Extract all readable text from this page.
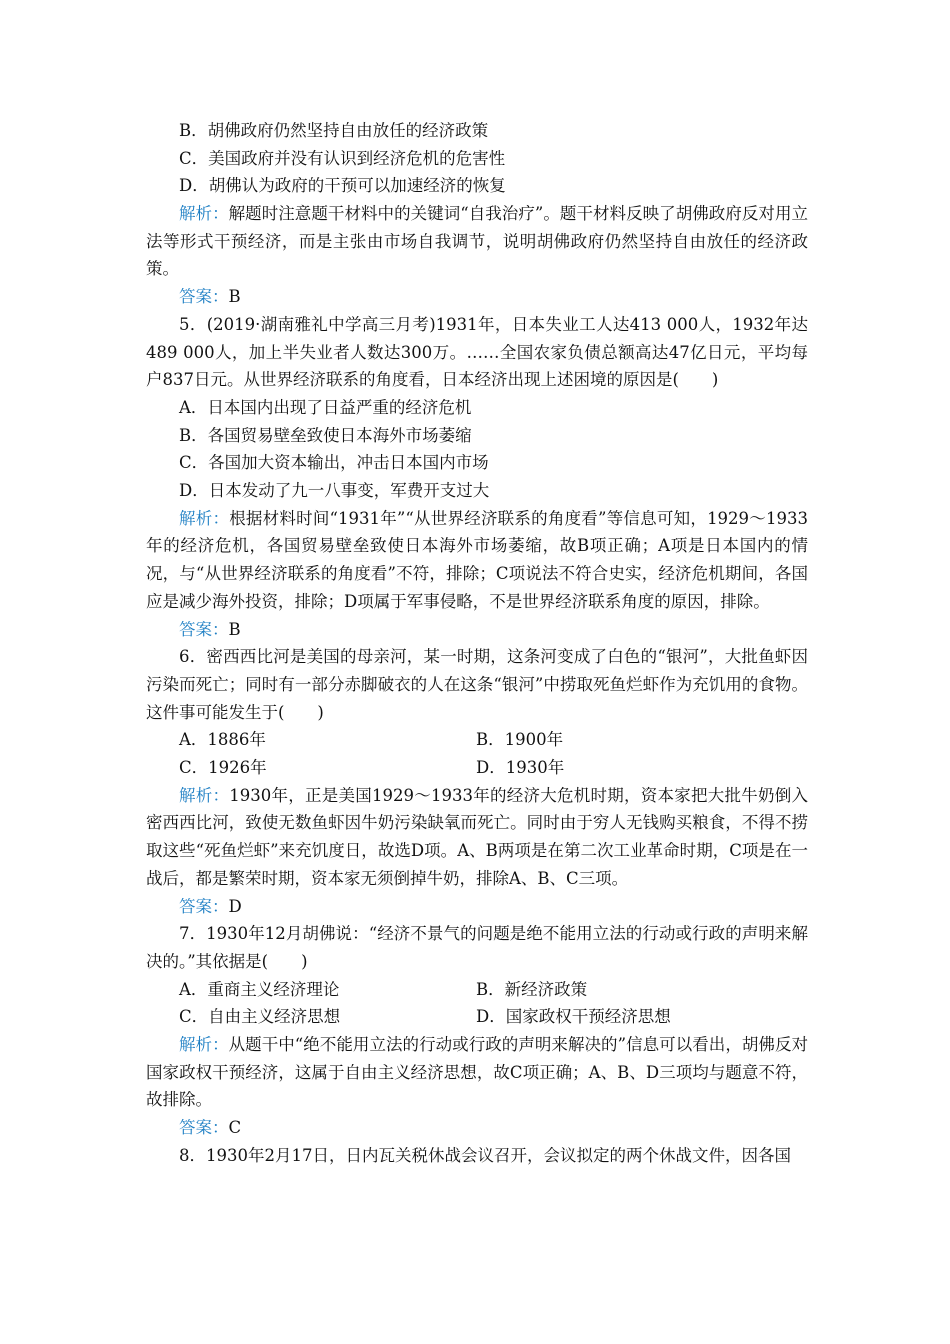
B．胡佛政府仍然坚持自由放任的经济政策
C．美国政府并没有认识到经济危机的危害性
D．胡佛认为政府的干预可以加速经济的恢复
解析：解题时注意题干材料中的关键词“自我治疗”。题干材料反映了胡佛政府反对用立法等形式干预经济，而是主张由市场自我调节，说明胡佛政府仍然坚持自由放任的经济政策。
答案：B
5．(2019·湖南雅礼中学高三月考)1931年，日本失业工人达413 000人，1932年达489 000人，加上半失业者人数达300万。……全国农家负债总额高达47亿日元，平均每户837日元。从世界经济联系的角度看，日本经济出现上述困境的原因是(　　)
A．日本国内出现了日益严重的经济危机
B．各国贸易壁垒致使日本海外市场萎缩
C．各国加大资本输出，冲击日本国内市场
D．日本发动了九一八事变，军费开支过大
解析：根据材料时间“1931年”“从世界经济联系的角度看”等信息可知，1929～1933年的经济危机，各国贸易壁垒致使日本海外市场萎缩，故B项正确；A项是日本国内的情况，与“从世界经济联系的角度看”不符，排除；C项说法不符合史实，经济危机期间，各国应是减少海外投资，排除；D项属于军事侵略，不是世界经济联系角度的原因，排除。
答案：B
6．密西西比河是美国的母亲河，某一时期，这条河变成了白色的“银河”，大批鱼虾因污染而死亡；同时有一部分赤脚破衣的人在这条“银河”中捞取死鱼烂虾作为充饥用的食物。这件事可能发生于(　　)
A．1886年	B．1900年
C．1926年	D．1930年
解析：1930年，正是美国1929～1933年的经济大危机时期，资本家把大批牛奶倒入密西西比河，致使无数鱼虾因牛奶污染缺氧而死亡。同时由于穷人无钱购买粮食，不得不捞取这些“死鱼烂虾”来充饥度日，故选D项。A、B两项是在第二次工业革命时期，C项是在一战后，都是繁荣时期，资本家无须倒掉牛奶，排除A、B、C三项。
答案：D
7．1930年12月胡佛说：“经济不景气的问题是绝不能用立法的行动或行政的声明来解决的。”其依据是(　　)
A．重商主义经济理论	B．新经济政策
C．自由主义经济思想	D．国家政权干预经济思想
解析：从题干中“绝不能用立法的行动或行政的声明来解决的”信息可以看出，胡佛反对国家政权干预经济，这属于自由主义经济思想，故C项正确；A、B、D三项均与题意不符，故排除。
答案：C
8．1930年2月17日，日内瓦关税休战会议召开，会议拟定的两个休战文件，因各国
